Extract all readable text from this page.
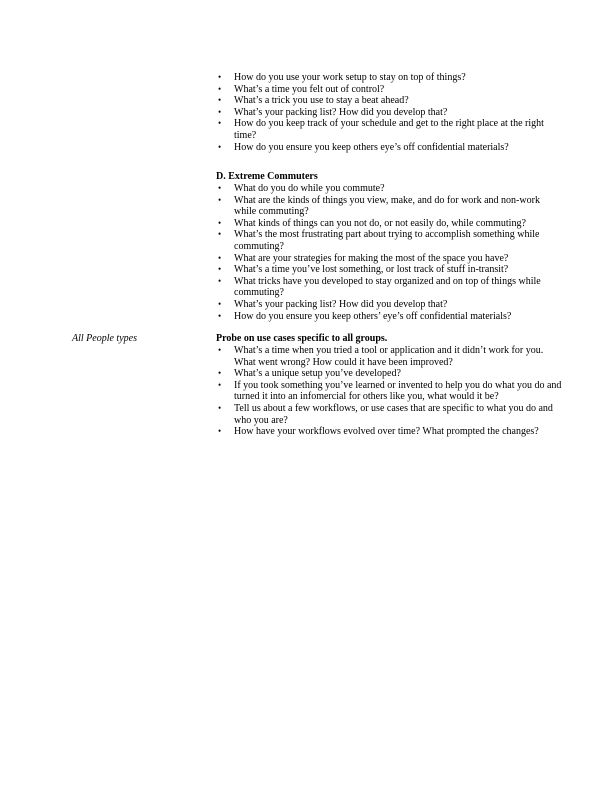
• How do you use your work setup to stay on top of things?
• What’s a time you felt out of control?
• What’s a trick you use to stay a beat ahead?
• What’s your packing list? How did you develop that?
• How do you keep track of your schedule and get to the right place at the right time?
• How do you ensure you keep others eye’s off confidential materials?
D. Extreme Commuters
• What do you do while you commute?
• What are the kinds of things you view, make, and do for work and non-work while commuting?
• What kinds of things can you not do, or not easily do, while commuting?
• What’s the most frustrating part about trying to accomplish something while commuting?
• What are your strategies for making the most of the space you have?
• What’s a time you’ve lost something, or lost track of stuff in-transit?
• What tricks have you developed to stay organized and on top of things while commuting?
• What’s your packing list? How did you develop that?
• How do you ensure you keep others’ eye’s off confidential materials?
All People types	Probe on use cases specific to all groups.
• What’s a time when you tried a tool or application and it didn’t work for you. What went wrong? How could it have been improved?
• What’s a unique setup you’ve developed?
• If you took something you’ve learned or invented to help you do what you do and turned it into an infomercial for others like you, what would it be?
• Tell us about a few workflows, or use cases that are specific to what you do and who you are?
• How have your workflows evolved over time? What prompted the changes?
